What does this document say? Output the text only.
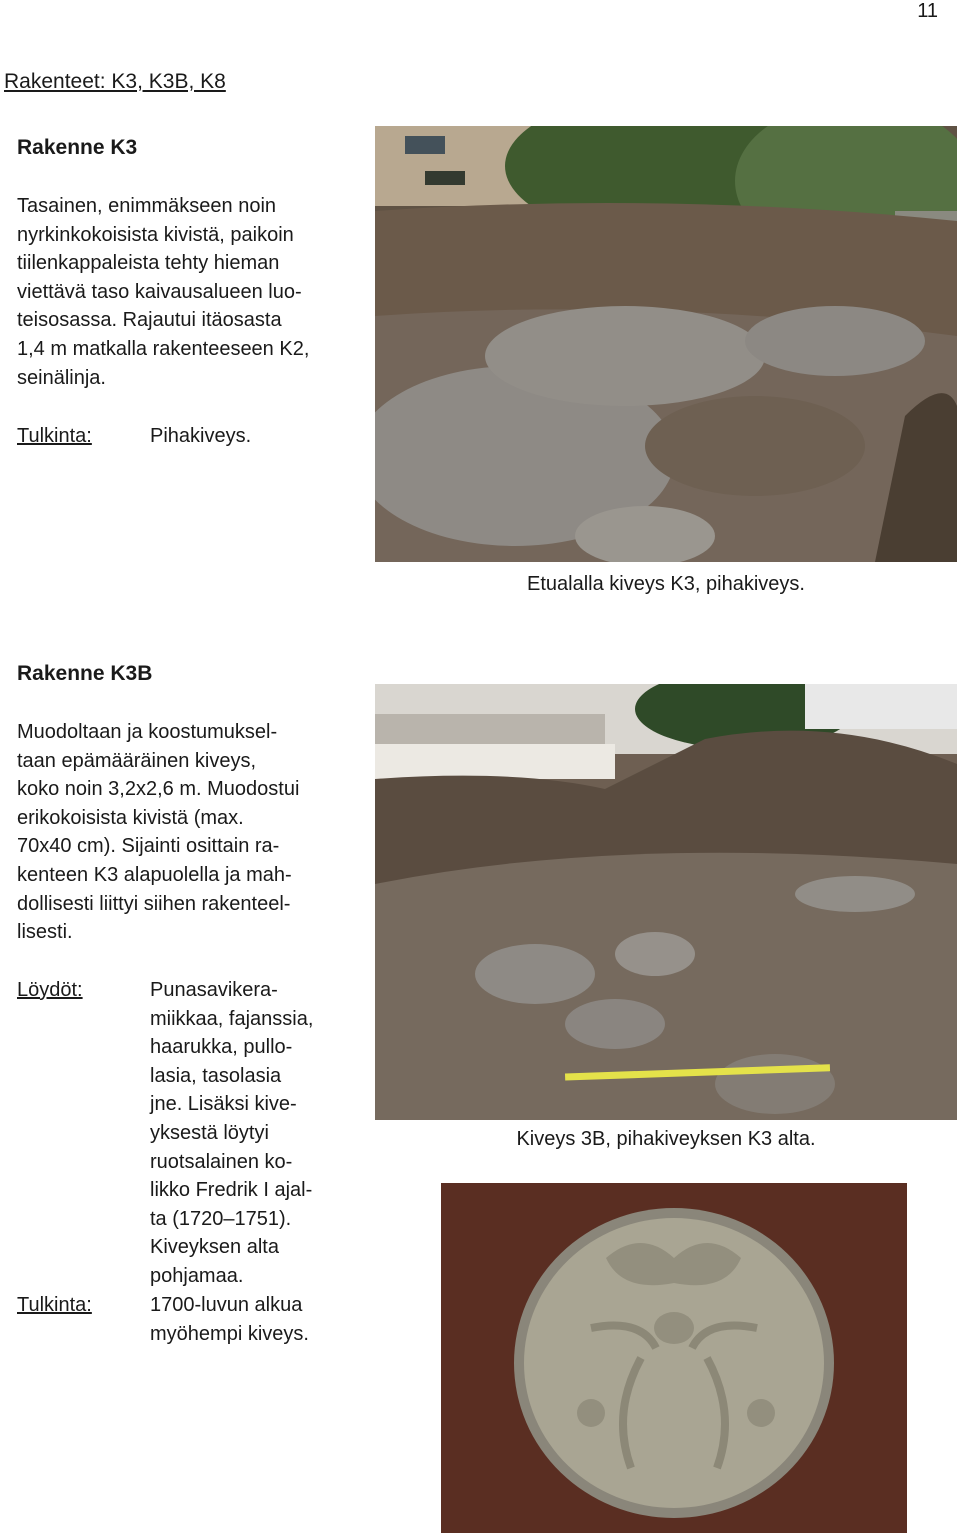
11
Rakenteet: K3, K3B, K8
Rakenne K3
Tasainen, enimmäkseen noin
nyrkinkokoisista kivistä, paikoin
tiilenkappaleista tehty hieman
viettävä taso kaivausalueen luo-
teisosassa. Rajautui itäosasta
1,4 m matkalla rakenteeseen K2,
seinälinja.
Tulkinta:	Pihakiveys.
Etualalla kiveys K3, pihakiveys.
Rakenne K3B
Muodoltaan ja koostumuksel-
taan epämääräinen kiveys,
koko noin 3,2x2,6 m. Muodostui
erikokoisista kivistä (max.
70x40 cm). Sijainti osittain ra-
kenteen K3 alapuolella ja mah-
dollisesti liittyi siihen rakenteel-
lisesti.
Löydöt:	Punasavikera-
miikkaa, fajanssia,
haarukka, pullo-
lasia, tasolasia
jne. Lisäksi kive-
yksestä löytyi
ruotsalainen ko-
likko Fredrik I ajal-
ta (1720–1751).
Kiveyksen alta
pohjamaa.
Tulkinta:	1700-luvun alkua
myöhempi kiveys.
Kiveys 3B, pihakiveyksen K3 alta.
